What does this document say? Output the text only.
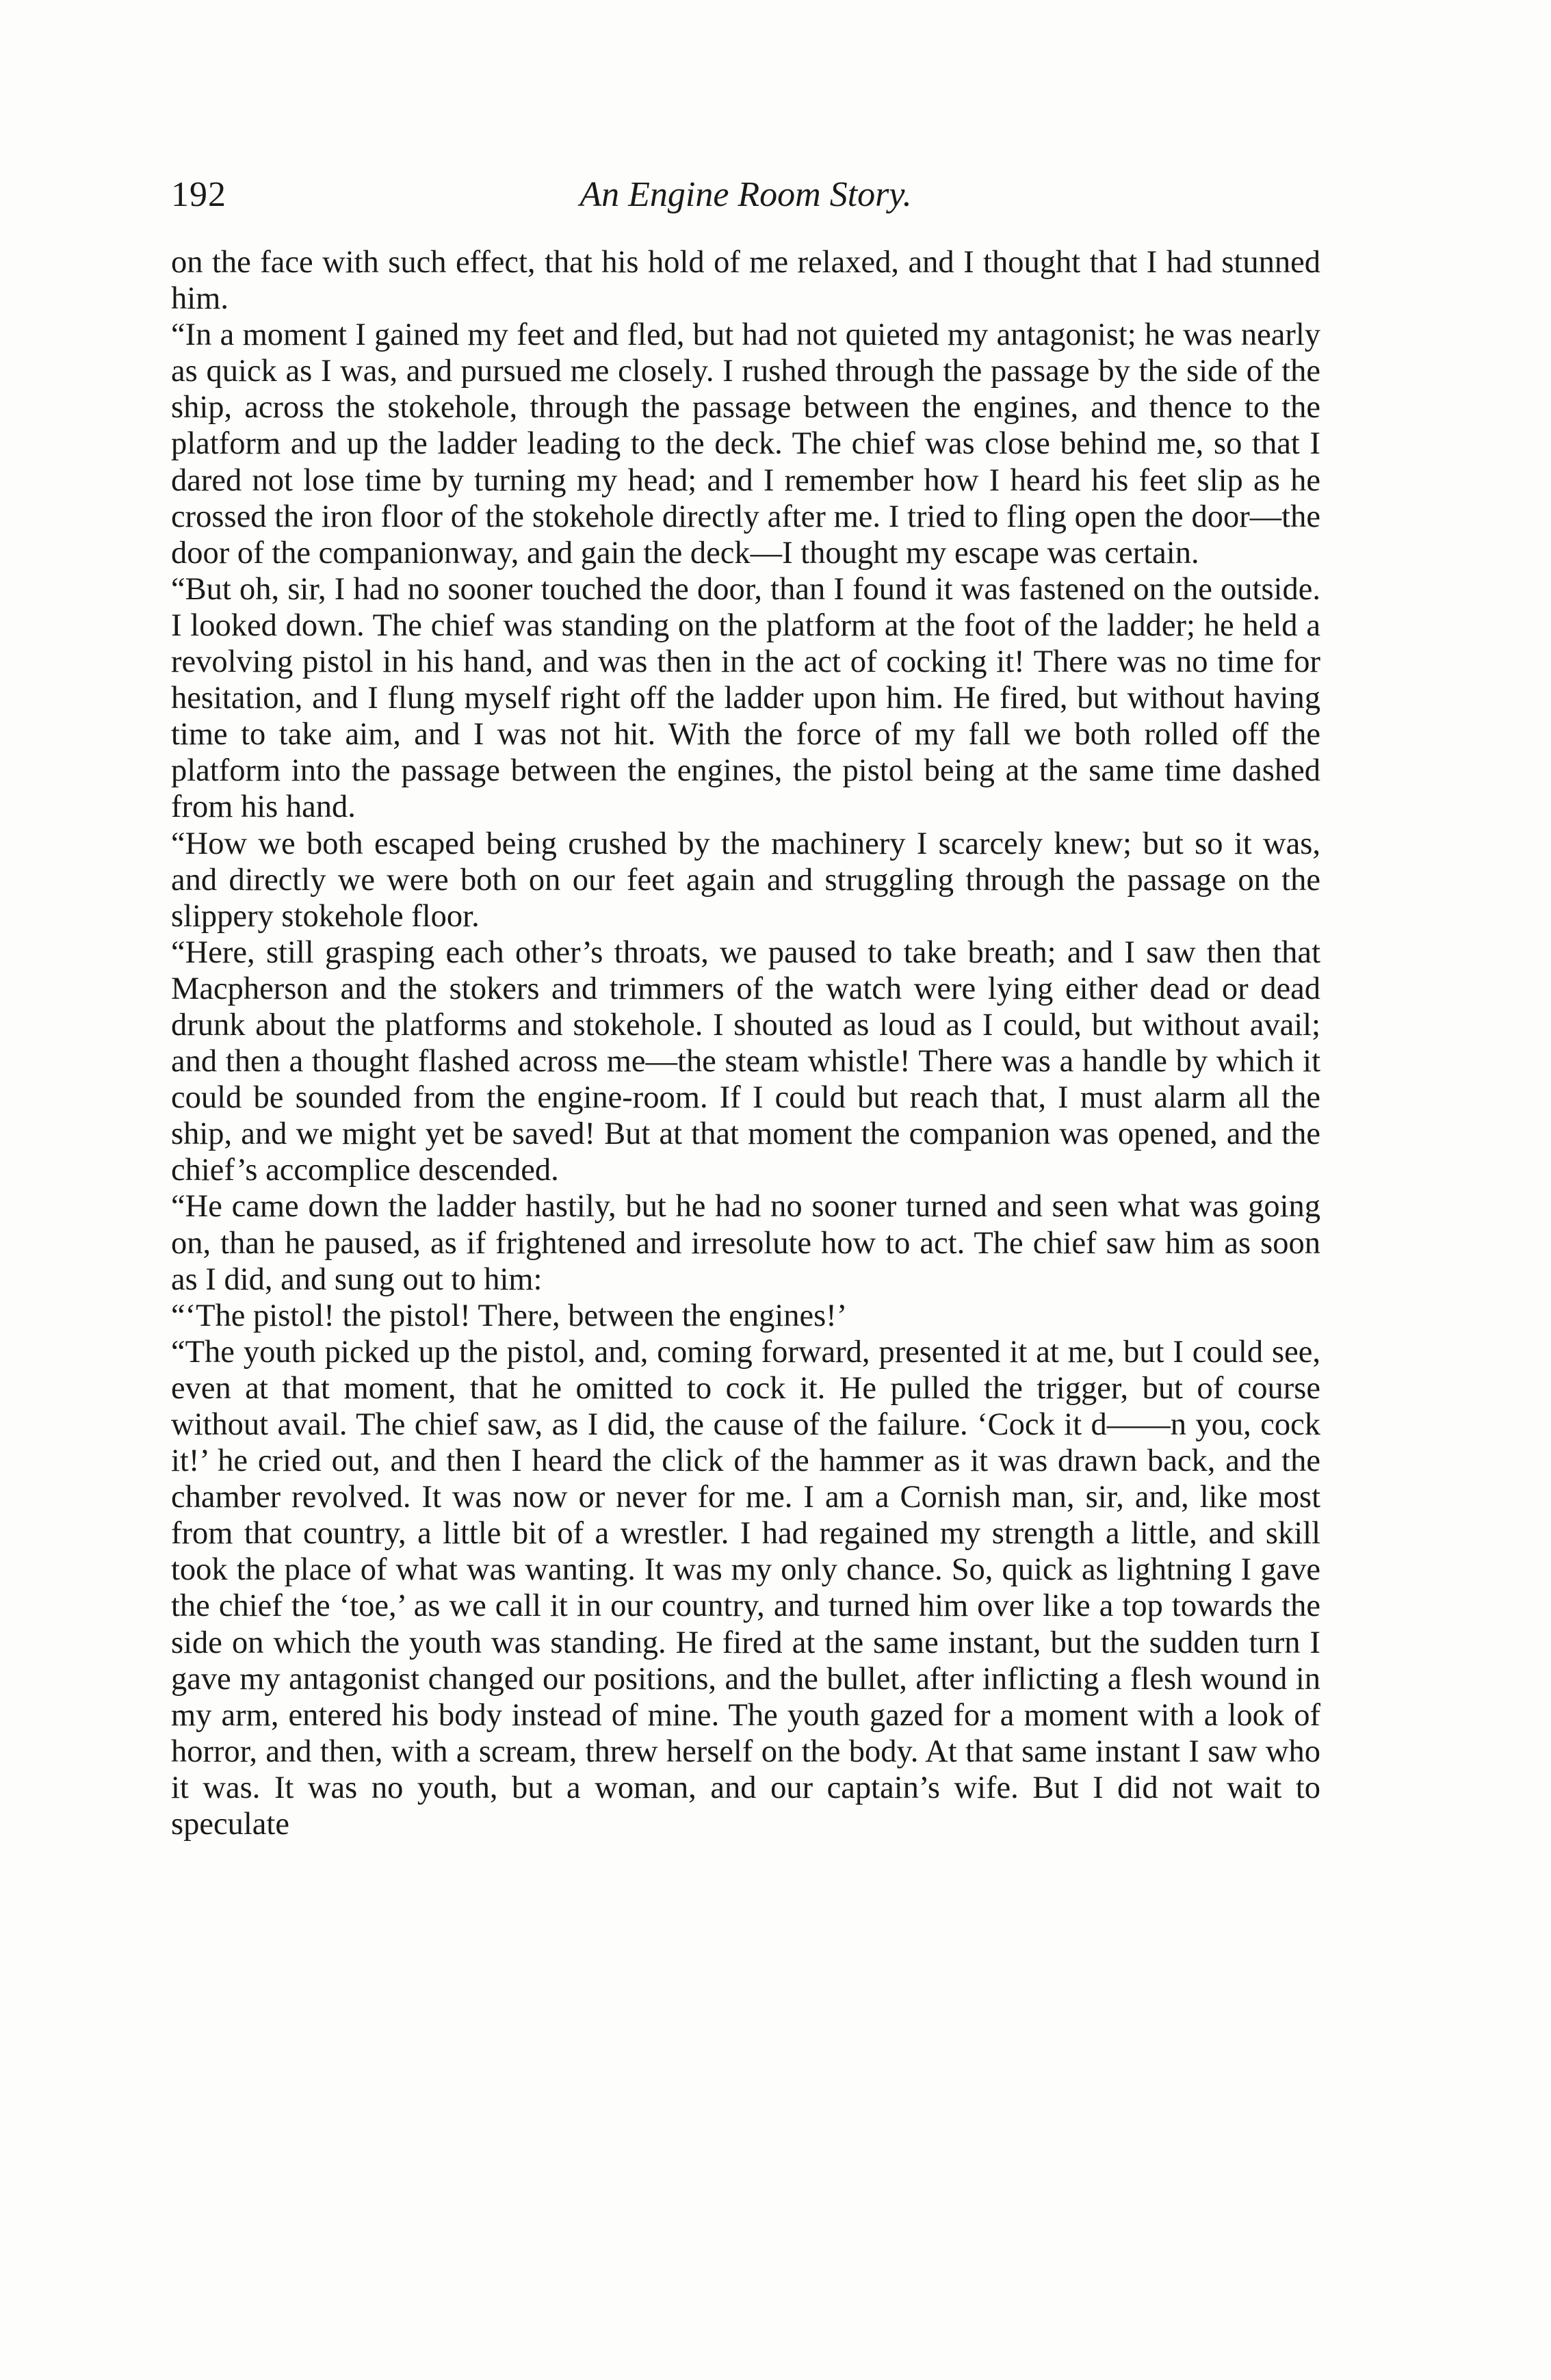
192	An Engine Room Story.

on the face with such effect, that his hold of me relaxed, and I thought that I had stunned him.

“In a moment I gained my feet and fled, but had not quieted my antagonist; he was nearly as quick as I was, and pursued me closely. I rushed through the passage by the side of the ship, across the stokehole, through the passage between the engines, and thence to the platform and up the ladder leading to the deck. The chief was close behind me, so that I dared not lose time by turning my head; and I remember how I heard his feet slip as he crossed the iron floor of the stokehole directly after me. I tried to fling open the door—the door of the companionway, and gain the deck—I thought my escape was certain.

“But oh, sir, I had no sooner touched the door, than I found it was fastened on the outside. I looked down. The chief was standing on the platform at the foot of the ladder; he held a revolving pistol in his hand, and was then in the act of cocking it! There was no time for hesitation, and I flung myself right off the ladder upon him. He fired, but without having time to take aim, and I was not hit. With the force of my fall we both rolled off the platform into the passage between the engines, the pistol being at the same time dashed from his hand.

“How we both escaped being crushed by the machinery I scarcely knew; but so it was, and directly we were both on our feet again and struggling through the passage on the slippery stokehole floor.

“Here, still grasping each other’s throats, we paused to take breath; and I saw then that Macpherson and the stokers and trimmers of the watch were lying either dead or dead drunk about the platforms and stokehole. I shouted as loud as I could, but without avail; and then a thought flashed across me—the steam whistle! There was a handle by which it could be sounded from the engine-room. If I could but reach that, I must alarm all the ship, and we might yet be saved! But at that moment the companion was opened, and the chief’s accomplice descended.

“He came down the ladder hastily, but he had no sooner turned and seen what was going on, than he paused, as if frightened and irresolute how to act. The chief saw him as soon as I did, and sung out to him:

“‘The pistol! the pistol! There, between the engines!’

“The youth picked up the pistol, and, coming forward, presented it at me, but I could see, even at that moment, that he omitted to cock it. He pulled the trigger, but of course without avail. The chief saw, as I did, the cause of the failure. ‘Cock it d——n you, cock it!’ he cried out, and then I heard the click of the hammer as it was drawn back, and the chamber revolved. It was now or never for me. I am a Cornish man, sir, and, like most from that country, a little bit of a wrestler. I had regained my strength a little, and skill took the place of what was wanting. It was my only chance. So, quick as lightning I gave the chief the ‘toe,’ as we call it in our country, and turned him over like a top towards the side on which the youth was standing. He fired at the same instant, but the sudden turn I gave my antagonist changed our positions, and the bullet, after inflicting a flesh wound in my arm, entered his body instead of mine. The youth gazed for a moment with a look of horror, and then, with a scream, threw herself on the body. At that same instant I saw who it was. It was no youth, but a woman, and our captain’s wife. But I did not wait to speculate
